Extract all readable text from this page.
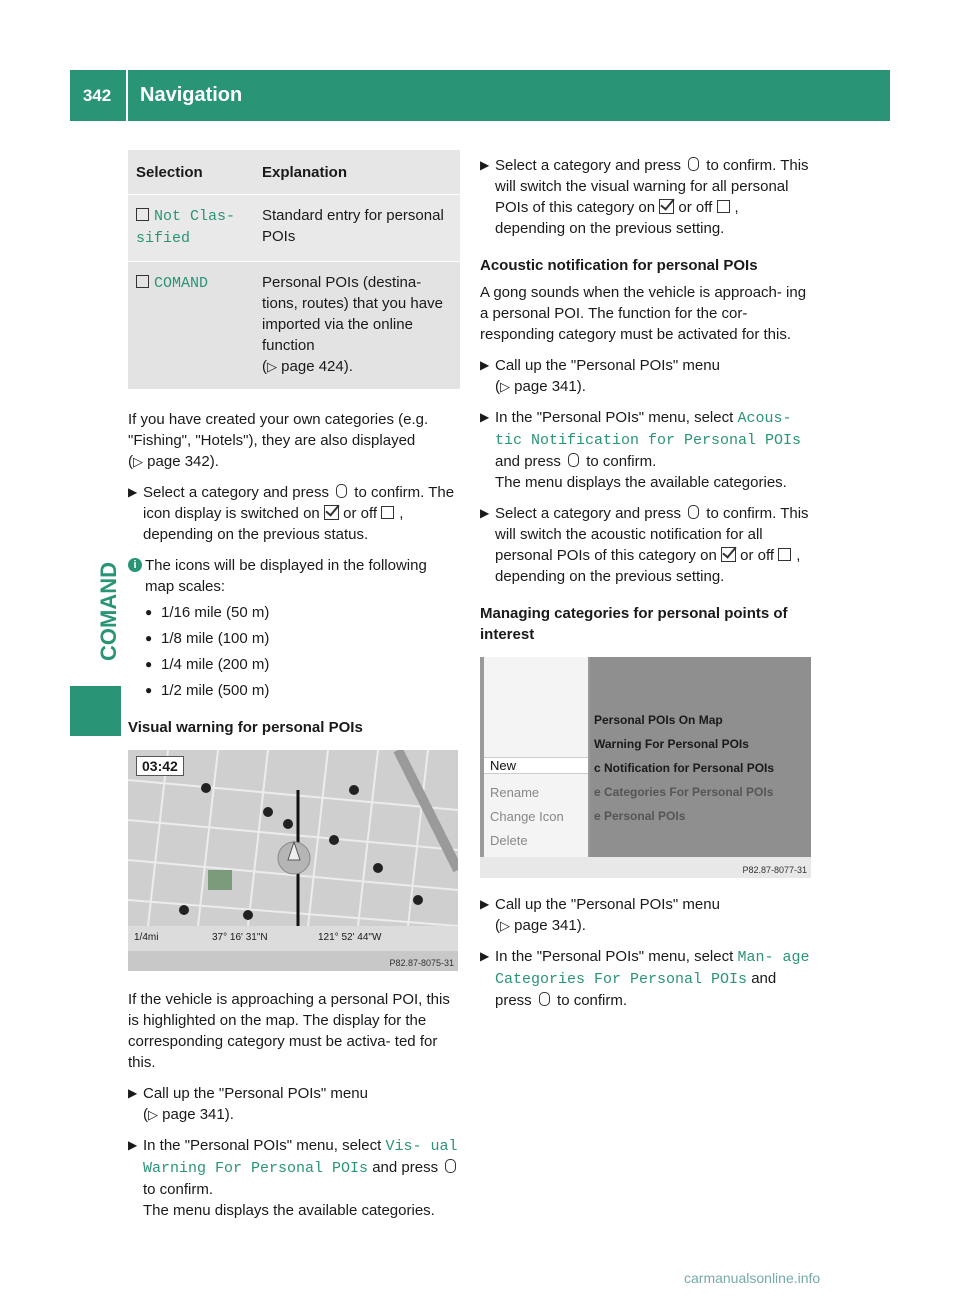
342	Navigation
COMAND
Selection	Explanation
Not Clas‐ sified	Standard entry for personal POIs
COMAND	Personal POIs (destina- tions, routes) that you have imported via the online function
(▷ page 424).

If you have created your own categories (e.g. "Fishing", "Hotels"), they are also displayed
(▷ page 342).

▶ Select a category and press to confirm. The icon display is switched on or off , depending on the previous status.
i The icons will be displayed in the following map scales:
● 1/16 mile (50 m)
● 1/8 mile (100 m)
● 1/4 mile (200 m)
● 1/2 mile (500 m)
Visual warning for personal POIs
03:42
1/4mi	37° 16' 31"N	121° 52' 44"W
P82.87-8075-31

If the vehicle is approaching a personal POI, this is highlighted on the map. The display for the corresponding category must be activa- ted for this.

▶ Call up the "Personal POIs" menu
(▷ page 341).
▶ In the "Personal POIs" menu, select Vis‐ ual Warning For Personal POIs and press  to confirm.
The menu displays the available categories.
▶ Select a category and press to confirm. This will switch the visual warning for all personal POIs of this category on or off , depending on the previous setting.
Acoustic notification for personal POIs

A gong sounds when the vehicle is approach- ing a personal POI. The function for the cor- responding category must be activated for this.

▶ Call up the "Personal POIs" menu
(▷ page 341).
▶ In the "Personal POIs" menu, select Acous‐ tic Notification for Personal POIs and press to confirm.
The menu displays the available categories.
▶ Select a category and press to confirm. This will switch the acoustic notification for all personal POIs of this category on or off , depending on the previous setting.
Managing categories for personal points of interest
New
Rename
Change Icon
Delete
Personal POIs On Map
Warning For Personal POIs
c Notification for Personal POIs
e Categories For Personal POIs
e Personal POIs
P82.87-8077-31
▶ Call up the "Personal POIs" menu
(▷ page 341).
▶ In the "Personal POIs" menu, select Man‐ age Categories For Personal POIs and press to confirm.
carmanualsonline.info
